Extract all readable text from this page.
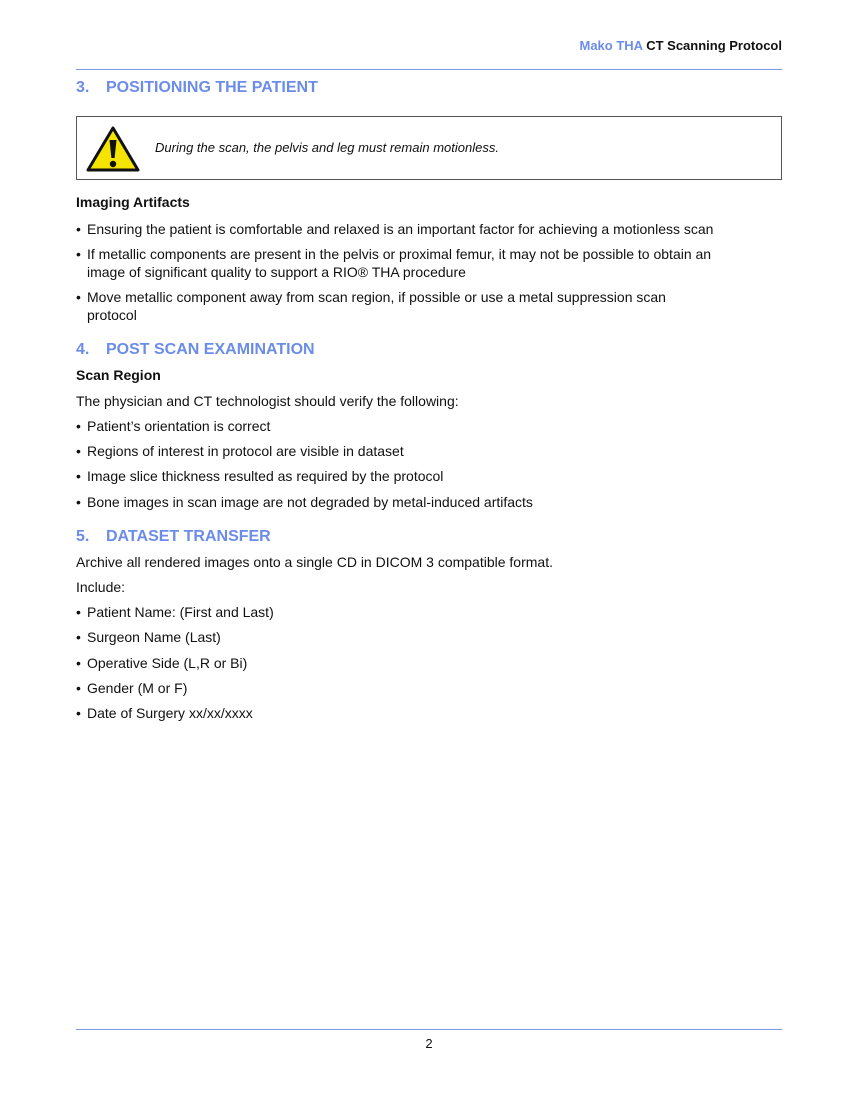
Mako THA CT Scanning Protocol
3. POSITIONING THE PATIENT
During the scan, the pelvis and leg must remain motionless.
Imaging Artifacts
• Ensuring the patient is comfortable and relaxed is an important factor for achieving a motionless scan
• If metallic components are present in the pelvis or proximal femur, it may not be possible to obtain an
image of significant quality to support a RIO® THA procedure
• Move metallic component away from scan region, if possible or use a metal suppression scan
protocol
4. POST SCAN EXAMINATION
Scan Region
The physician and CT technologist should verify the following:
• Patient’s orientation is correct
• Regions of interest in protocol are visible in dataset
• Image slice thickness resulted as required by the protocol
• Bone images in scan image are not degraded by metal-induced artifacts
5. DATASET TRANSFER
Archive all rendered images onto a single CD in DICOM 3 compatible format.
Include:
• Patient Name: (First and Last)
• Surgeon Name (Last)
• Operative Side (L,R or Bi)
• Gender (M or F)
• Date of Surgery xx/xx/xxxx
2
